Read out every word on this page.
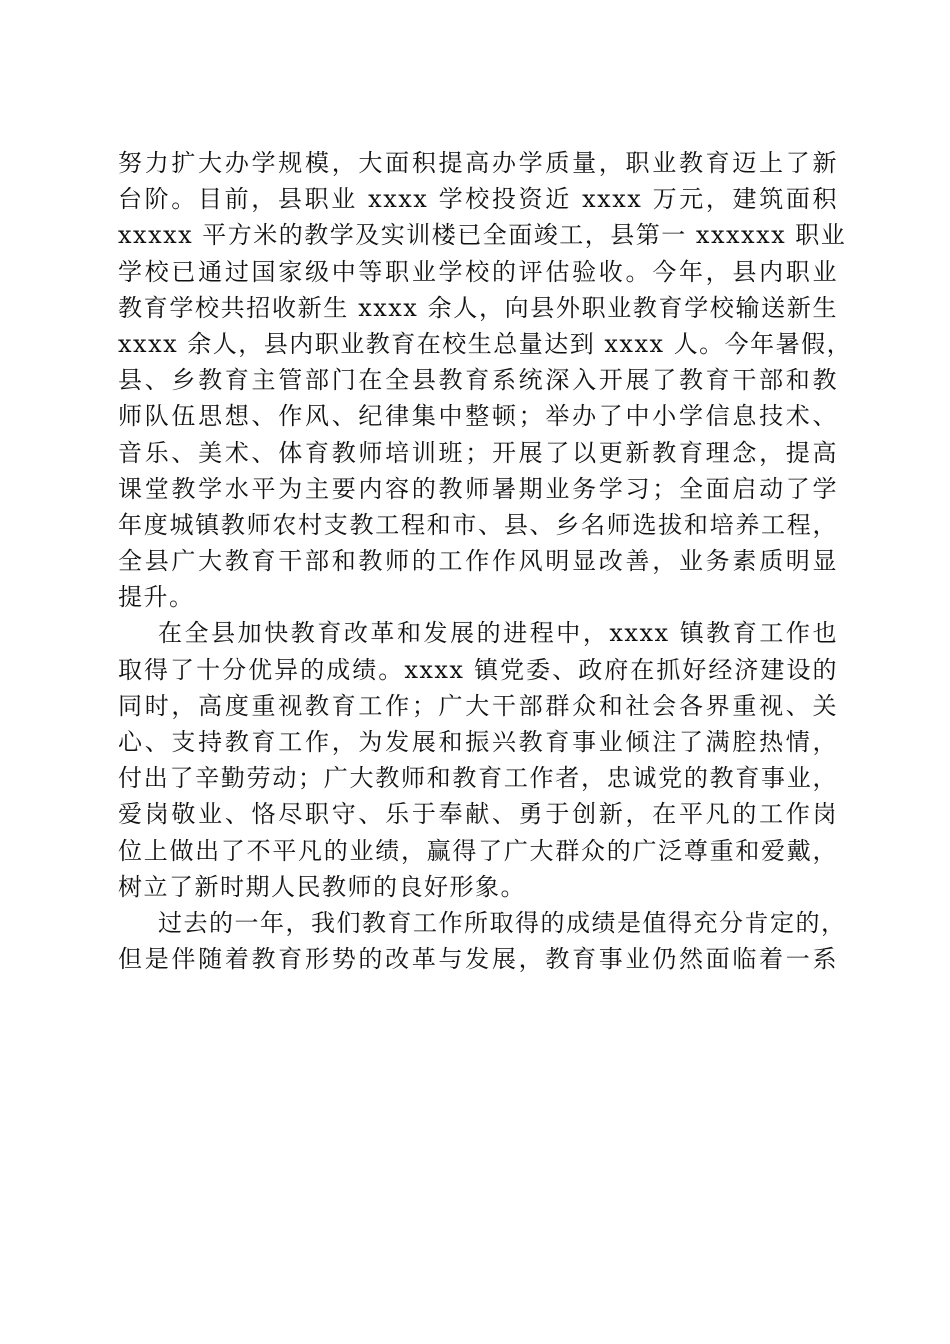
努力扩大办学规模，大面积提高办学质量，职业教育迈上了新
台阶。目前，县职业 xxxx 学校投资近 xxxx 万元，建筑面积
xxxxx 平方米的教学及实训楼已全面竣工，县第一 xxxxxx 职业
学校已通过国家级中等职业学校的评估验收。今年，县内职业
教育学校共招收新生 xxxx 余人，向县外职业教育学校输送新生
xxxx 余人，县内职业教育在校生总量达到 xxxx 人。今年暑假，
县、乡教育主管部门在全县教育系统深入开展了教育干部和教
师队伍思想、作风、纪律集中整顿；举办了中小学信息技术、
音乐、美术、体育教师培训班；开展了以更新教育理念，提高
课堂教学水平为主要内容的教师暑期业务学习；全面启动了学
年度城镇教师农村支教工程和市、县、乡名师选拔和培养工程，
全县广大教育干部和教师的工作作风明显改善，业务素质明显
提升。
在全县加快教育改革和发展的进程中，xxxx 镇教育工作也
取得了十分优异的成绩。xxxx 镇党委、政府在抓好经济建设的
同时，高度重视教育工作；广大干部群众和社会各界重视、关
心、支持教育工作，为发展和振兴教育事业倾注了满腔热情，
付出了辛勤劳动；广大教师和教育工作者，忠诚党的教育事业，
爱岗敬业、恪尽职守、乐于奉献、勇于创新，在平凡的工作岗
位上做出了不平凡的业绩，赢得了广大群众的广泛尊重和爱戴，
树立了新时期人民教师的良好形象。
过去的一年，我们教育工作所取得的成绩是值得充分肯定的，
但是伴随着教育形势的改革与发展，教育事业仍然面临着一系
